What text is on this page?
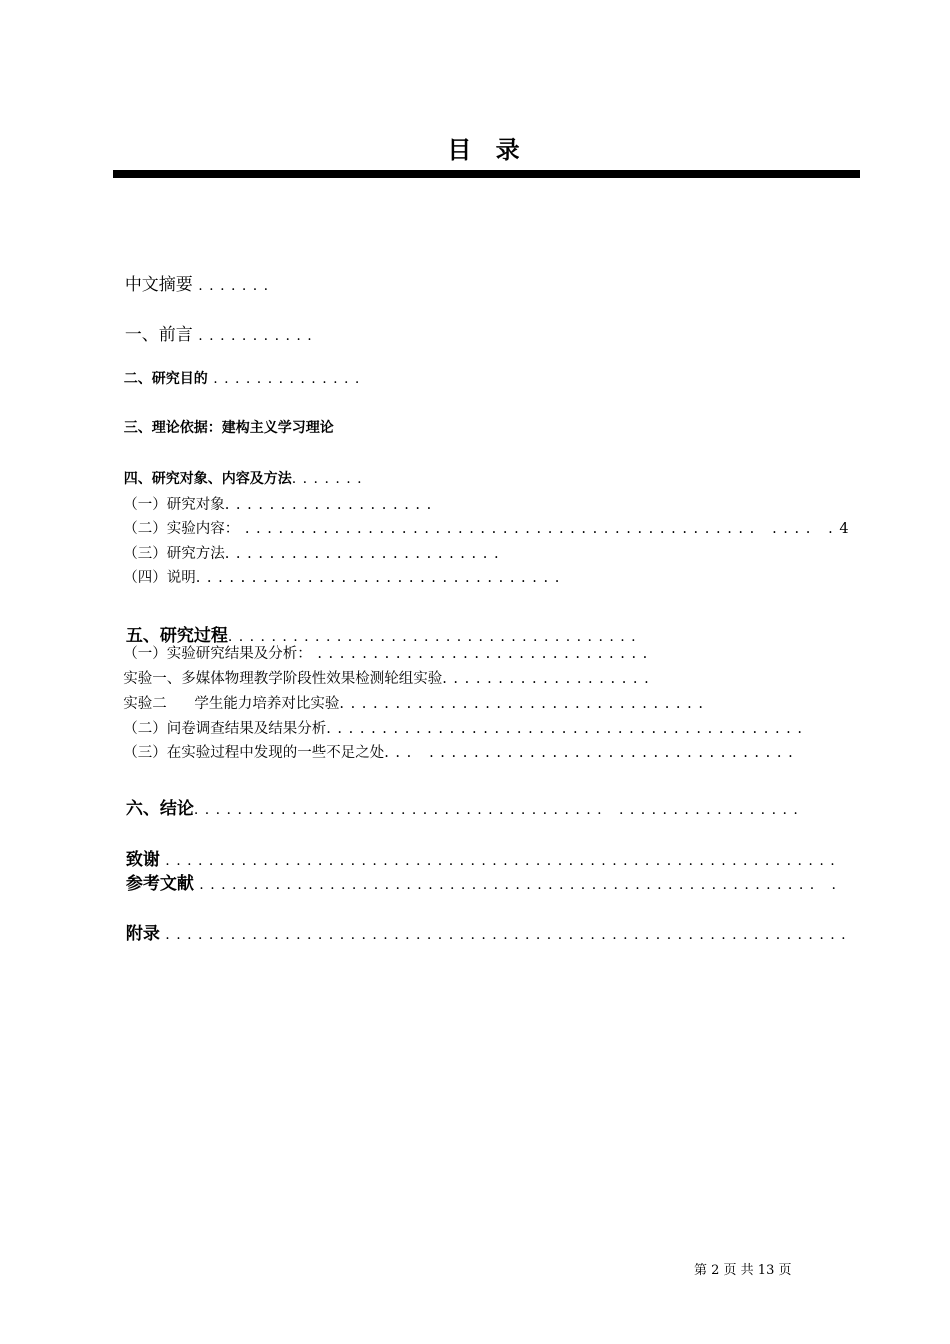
目 录

中文摘要 . . . . . . .

一、前言 . . . . . . . . . . .

二、研究目的 . . . . . . . . . . . . . .

三、理论依据：建构主义学习理论

四、研究对象、内容及方法. . . . . . .

（一）研究对象. . . . . . . . . . . . . . . . . . .

（二）实验内容： . . . . . . . . . . . . . . . . . . . . . . . . . . . . . . . . . . . . . . . . . . . . . .   . . . .   . 4

（三）研究方法. . . . . . . . . . . . . . . . . . . . . . . . .

（四）说明. . . . . . . . . . . . . . . . . . . . . . . . . . . . . . . . .

五、研究过程. . . . . . . . . . . . . . . . . . . . . . . . . . . . . . . . . . . . . .

（一）实验研究结果及分析： . . . . . . . . . . . . . . . . . . . . . . . . . . . . . .

实验一、多媒体物理教学阶段性效果检测轮组实验. . . . . . . . . . . . . . . . . . .

实验二      学生能力培养对比实验. . . . . . . . . . . . . . . . . . . . . . . . . . . . . . . . .

（二）问卷调查结果及结果分析. . . . . . . . . . . . . . . . . . . . . . . . . . . . . . . . . . . . . . . . . . .

（三）在实验过程中发现的一些不足之处. . .   . . . . . . . . . . . . . . . . . . . . . . . . . . . . . . . . .

六、结论. . . . . . . . . . . . . . . . . . . . . . . . . . . . . . . . . . . . . .   . . . . . . . . . . . . . . . . .

致谢 . . . . . . . . . . . . . . . . . . . . . . . . . . . . . . . . . . . . . . . . . . . . . . . . . . . . . . . . . . . . . .

参考文献 . . . . . . . . . . . . . . . . . . . . . . . . . . . . . . . . . . . . . . . . . . . . . . . . . . . . . . . . .   .

附录 . . . . . . . . . . . . . . . . . . . . . . . . . . . . . . . . . . . . . . . . . . . . . . . . . . . . . . . . . . . . . . .

第 2 页 共 13 页
